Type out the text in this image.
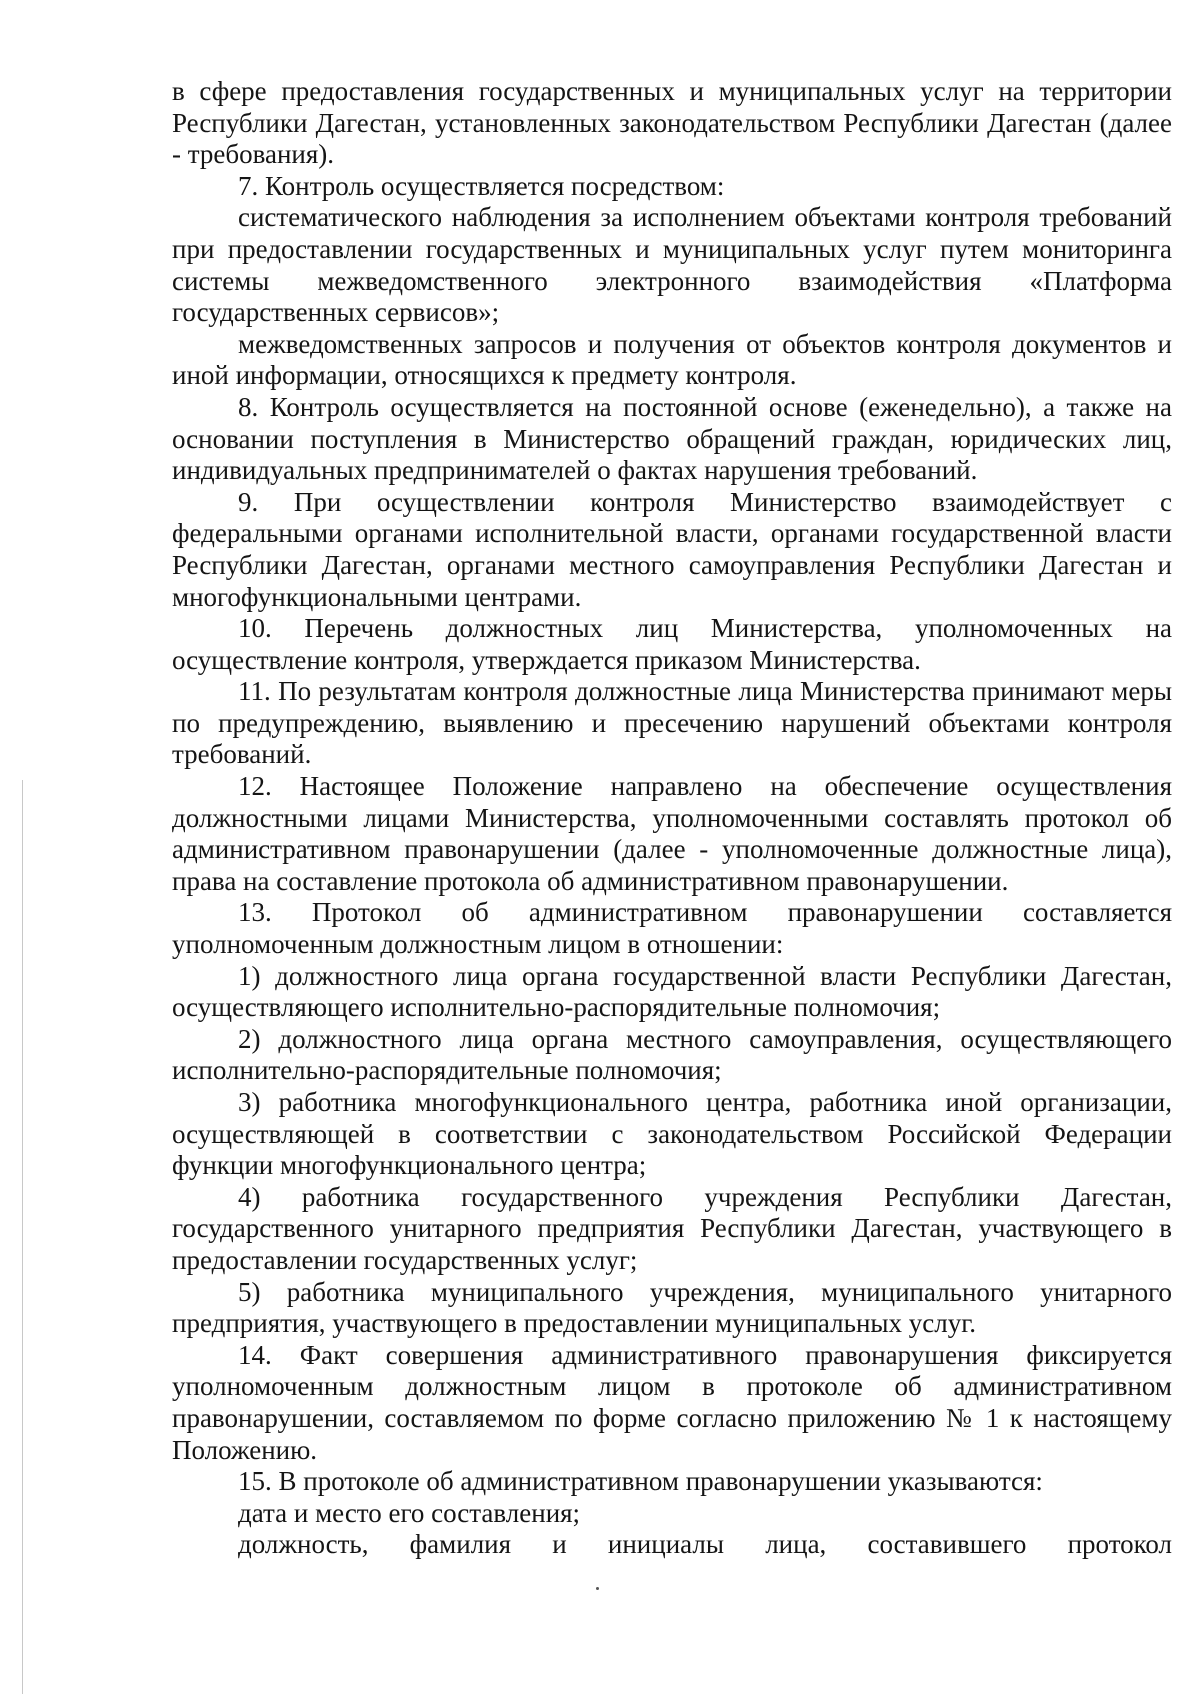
в сфере предоставления государственных и муниципальных услуг на территории Республики Дагестан, установленных законодательством Республики Дагестан (далее - требования).

7. Контроль осуществляется посредством:

систематического наблюдения за исполнением объектами контроля требований при предоставлении государственных и муниципальных услуг путем мониторинга системы межведомственного электронного взаимодействия «Платформа государственных сервисов»;

межведомственных запросов и получения от объектов контроля документов и иной информации, относящихся к предмету контроля.

8. Контроль осуществляется на постоянной основе (еженедельно), а также на основании поступления в Министерство обращений граждан, юридических лиц, индивидуальных предпринимателей о фактах нарушения требований.

9. При осуществлении контроля Министерство взаимодействует с федеральными органами исполнительной власти, органами государственной власти Республики Дагестан, органами местного самоуправления Республики Дагестан и многофункциональными центрами.

10. Перечень должностных лиц Министерства, уполномоченных на осуществление контроля, утверждается приказом Министерства.

11. По результатам контроля должностные лица Министерства принимают меры по предупреждению, выявлению и пресечению нарушений объектами контроля требований.

12. Настоящее Положение направлено на обеспечение осуществления должностными лицами Министерства, уполномоченными составлять протокол об административном правонарушении (далее - уполномоченные должностные лица), права на составление протокола об административном правонарушении.

13. Протокол об административном правонарушении составляется уполномоченным должностным лицом в отношении:

1) должностного лица органа государственной власти Республики Дагестан, осуществляющего исполнительно-распорядительные полномочия;

2) должностного лица органа местного самоуправления, осуществляющего исполнительно-распорядительные полномочия;

3) работника многофункционального центра, работника иной организации, осуществляющей в соответствии с законодательством Российской Федерации функции многофункционального центра;

4) работника государственного учреждения Республики Дагестан, государственного унитарного предприятия Республики Дагестан, участвующего в предоставлении государственных услуг;

5) работника муниципального учреждения, муниципального унитарного предприятия, участвующего в предоставлении муниципальных услуг.

14. Факт совершения административного правонарушения фиксируется уполномоченным должностным лицом в протоколе об административном правонарушении, составляемом по форме согласно приложению № 1 к настоящему Положению.

15. В протоколе об административном правонарушении указываются:

дата и место его составления;

должность, фамилия и инициалы лица, составившего протокол
